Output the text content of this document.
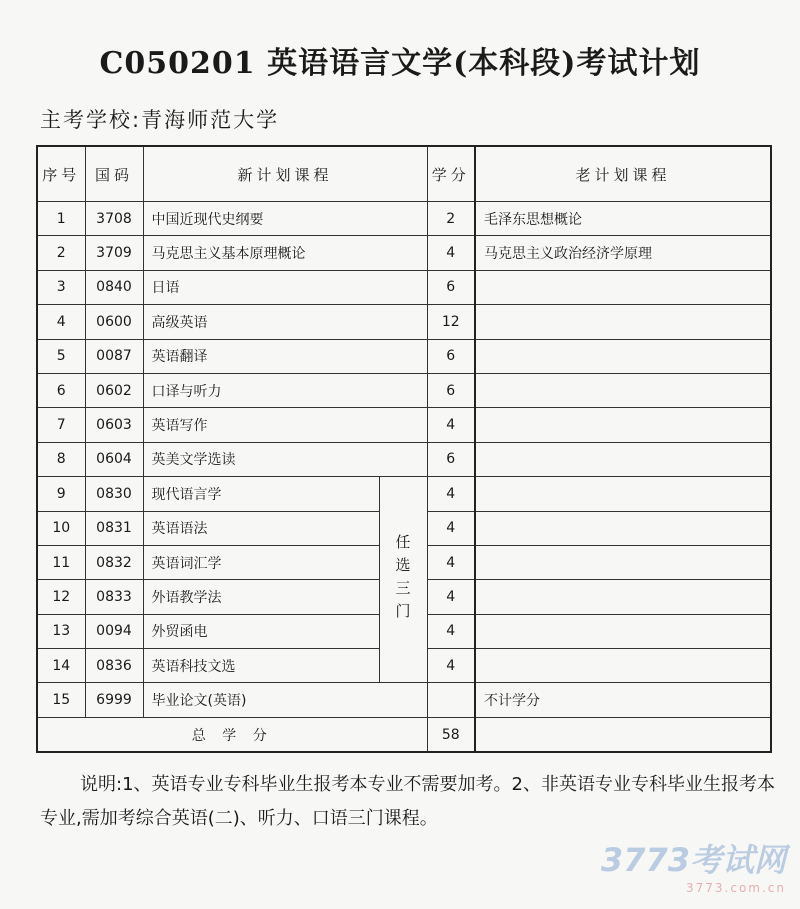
C050201 英语语言文学(本科段)考试计划
主考学校:青海师范大学
序号	国码	新计划课程		学分	老计划课程
1	3708	中国近现代史纲要		2	毛泽东思想概论
2	3709	马克思主义基本原理概论		4	马克思主义政治经济学原理
3	0840	日语		6	
4	0600	高级英语		12	
5	0087	英语翻译		6	
6	0602	口译与听力		6	
7	0603	英语写作		4	
8	0604	英美文学选读		6	
9	0830	现代语言学	任选三门	4	
10	0831	英语语法		4	
11	0832	英语词汇学		4	
12	0833	外语教学法		4	
13	0094	外贸函电		4	
14	0836	英语科技文选		4	
15	6999	毕业论文(英语)			不计学分
总 学 分				58	
说明:1、英语专业专科毕业生报考本专业不需要加考。2、非英语专业专科毕业生报考本专业,需加考综合英语(二)、听力、口语三门课程。
3773考试网
3773.com.cn
